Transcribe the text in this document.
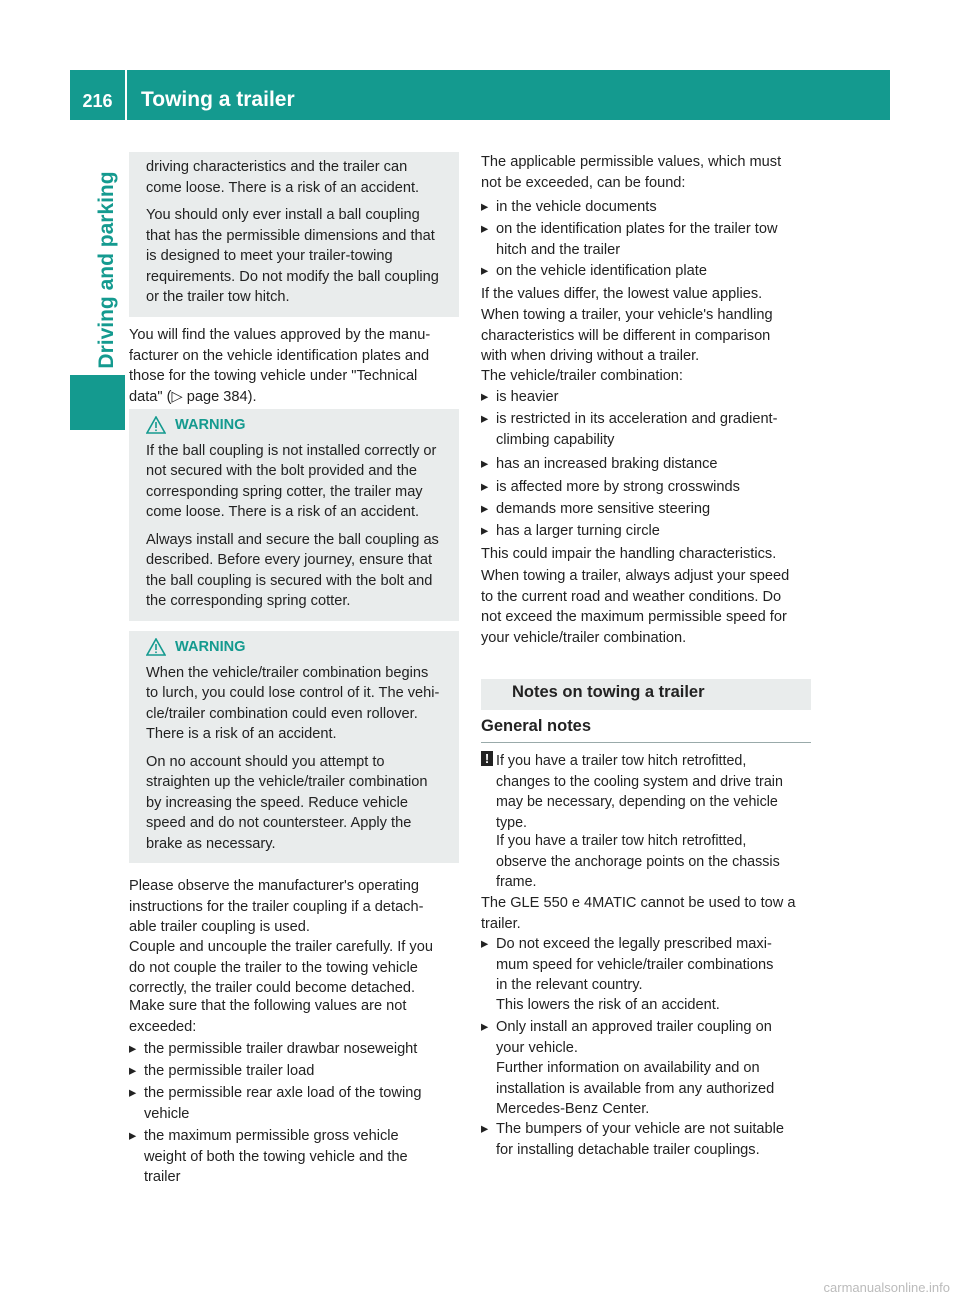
216	Towing a trailer
Driving and parking
driving characteristics and the trailer can
come loose. There is a risk of an accident.
You should only ever install a ball coupling
that has the permissible dimensions and that
is designed to meet your trailer-towing
requirements. Do not modify the ball coupling
or the trailer tow hitch.
You will find the values approved by the manu-
facturer on the vehicle identification plates and
those for the towing vehicle under "Technical
data" (▷ page 384).
WARNING
If the ball coupling is not installed correctly or
not secured with the bolt provided and the
corresponding spring cotter, the trailer may
come loose. There is a risk of an accident.
Always install and secure the ball coupling as
described. Before every journey, ensure that
the ball coupling is secured with the bolt and
the corresponding spring cotter.
WARNING
When the vehicle/trailer combination begins
to lurch, you could lose control of it. The vehi-
cle/trailer combination could even rollover.
There is a risk of an accident.
On no account should you attempt to
straighten up the vehicle/trailer combination
by increasing the speed. Reduce vehicle
speed and do not countersteer. Apply the
brake as necessary.
Please observe the manufacturer's operating
instructions for the trailer coupling if a detach-
able trailer coupling is used.
Couple and uncouple the trailer carefully. If you
do not couple the trailer to the towing vehicle
correctly, the trailer could become detached.
Make sure that the following values are not
exceeded:
▸ the permissible trailer drawbar noseweight
▸ the permissible trailer load
▸ the permissible rear axle load of the towing
vehicle
▸ the maximum permissible gross vehicle
weight of both the towing vehicle and the
trailer
The applicable permissible values, which must
not be exceeded, can be found:
▸ in the vehicle documents
▸ on the identification plates for the trailer tow
hitch and the trailer
▸ on the vehicle identification plate
If the values differ, the lowest value applies.
When towing a trailer, your vehicle's handling
characteristics will be different in comparison
with when driving without a trailer.
The vehicle/trailer combination:
▸ is heavier
▸ is restricted in its acceleration and gradient-
climbing capability
▸ has an increased braking distance
▸ is affected more by strong crosswinds
▸ demands more sensitive steering
▸ has a larger turning circle
This could impair the handling characteristics.
When towing a trailer, always adjust your speed
to the current road and weather conditions. Do
not exceed the maximum permissible speed for
your vehicle/trailer combination.
Notes on towing a trailer
General notes
! If you have a trailer tow hitch retrofitted,
changes to the cooling system and drive train
may be necessary, depending on the vehicle
type.
If you have a trailer tow hitch retrofitted,
observe the anchorage points on the chassis
frame.
The GLE 550 e 4MATIC cannot be used to tow a
trailer.
▸ Do not exceed the legally prescribed maxi-
mum speed for vehicle/trailer combinations
in the relevant country.
This lowers the risk of an accident.
▸ Only install an approved trailer coupling on
your vehicle.
Further information on availability and on
installation is available from any authorized
Mercedes-Benz Center.
▸ The bumpers of your vehicle are not suitable
for installing detachable trailer couplings.
carmanualsonline.info
